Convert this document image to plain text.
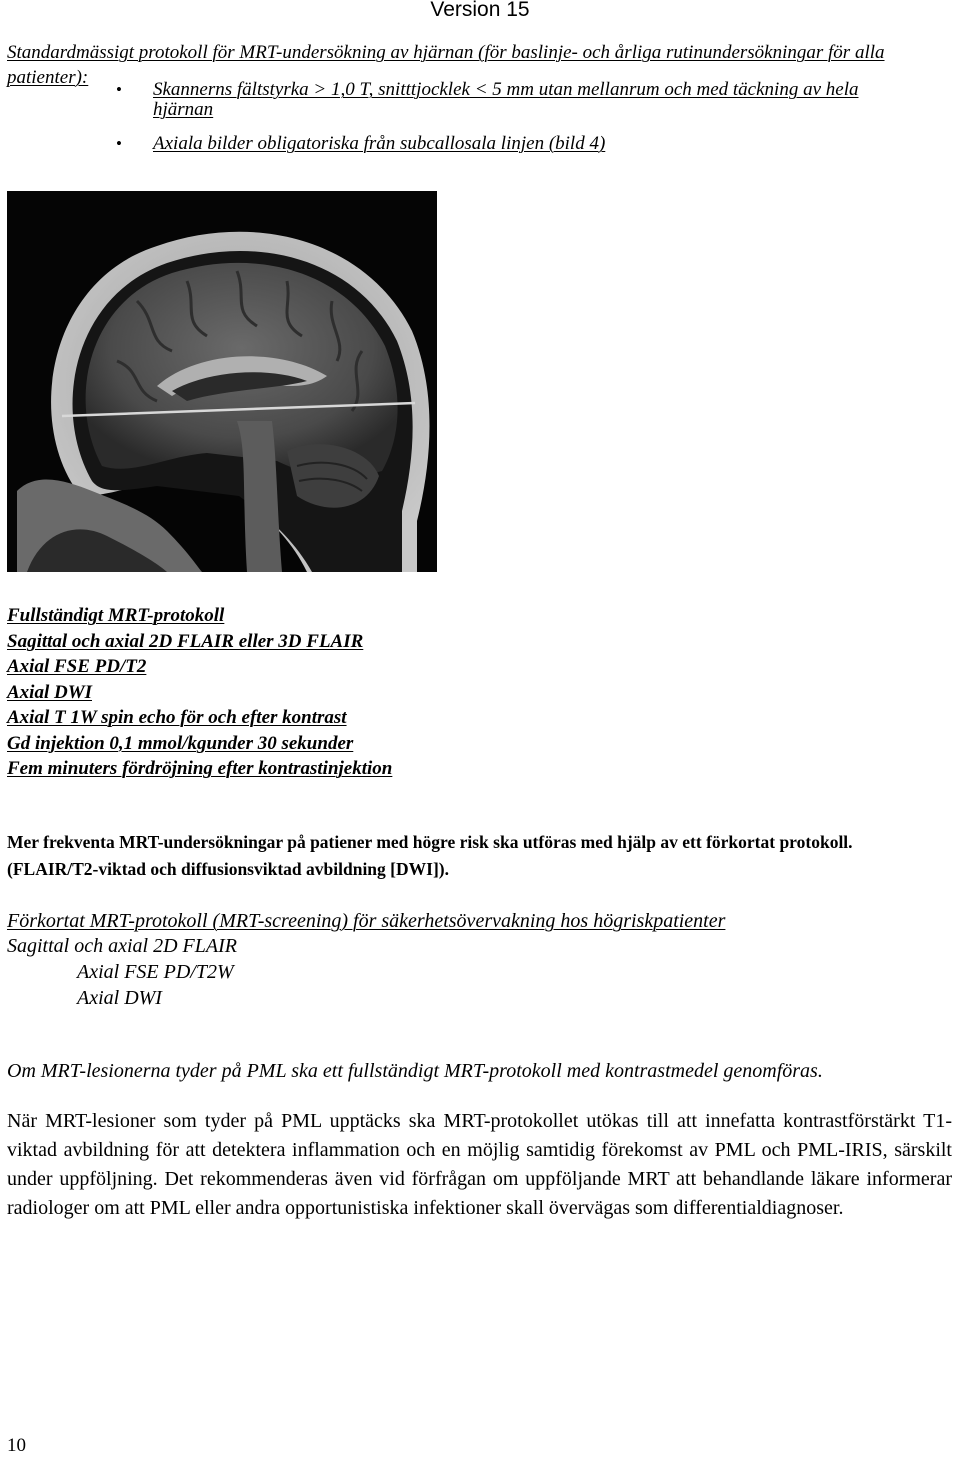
Version 15
Standardmässigt protokoll för MRT-undersökning av hjärnan (för baslinje- och årliga rutinundersökningar för alla patienter):
• Skannerns fältstyrka > 1,0 T, snitttjocklek < 5 mm utan mellanrum och med täckning av hela hjärnan
• Axiala bilder obligatoriska från subcallosala linjen (bild 4)
Fullständigt MRT-protokoll
Sagittal och axial 2D FLAIR eller 3D FLAIR
Axial FSE PD/T2
Axial DWI
Axial T 1W spin echo för och efter kontrast
Gd injektion 0,1 mmol/kgunder 30 sekunder
Fem minuters fördröjning efter kontrastinjektion
Mer frekventa MRT-undersökningar på patiener med högre risk ska utföras med hjälp av ett förkortat protokoll. (FLAIR/T2-viktad och diffusionsviktad avbildning [DWI]).
Förkortat MRT-protokoll (MRT-screening) för säkerhetsövervakning hos högriskpatienter
Sagittal och axial 2D FLAIR
Axial FSE PD/T2W
Axial DWI
Om MRT-lesionerna tyder på PML ska ett fullständigt MRT-protokoll med kontrastmedel genomföras.
När MRT-lesioner som tyder på PML upptäcks ska MRT-protokollet utökas till att innefatta kontrastförstärkt T1-viktad avbildning för att detektera inflammation och en möjlig samtidig förekomst av PML och PML-IRIS, särskilt under uppföljning. Det rekommenderas även vid förfrågan om uppföljande MRT att behandlande läkare informerar radiologer om att PML eller andra opportunistiska infektioner skall övervägas som differentialdiagnoser.
10
